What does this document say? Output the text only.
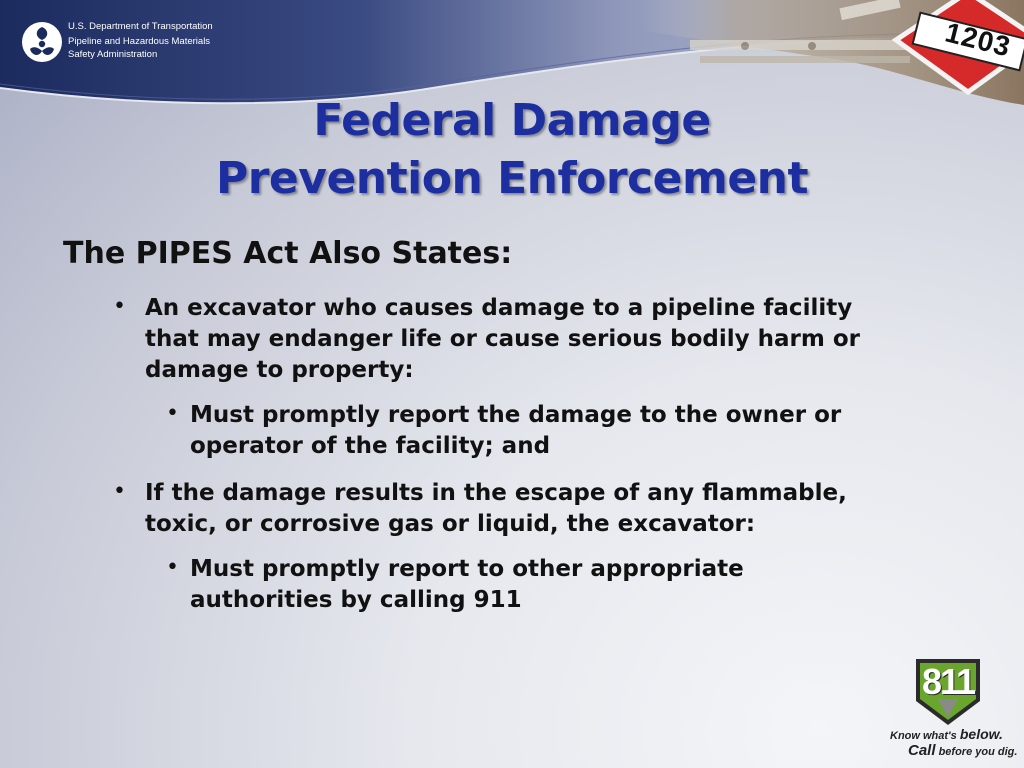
1203
U.S. Department of Transportation
Pipeline and Hazardous Materials
Safety Administration
Federal Damage
Prevention Enforcement
The PIPES Act Also States:
• An excavator who causes damage to a pipeline facility
that may endanger life or cause serious bodily harm or
damage to property:
• Must promptly report the damage to the owner or
operator of the facility; and
• If the damage results in the escape of any flammable,
toxic, or corrosive gas or liquid, the excavator:
• Must promptly report to other appropriate
authorities by calling 911
811
Know what's below.
Call before you dig.
